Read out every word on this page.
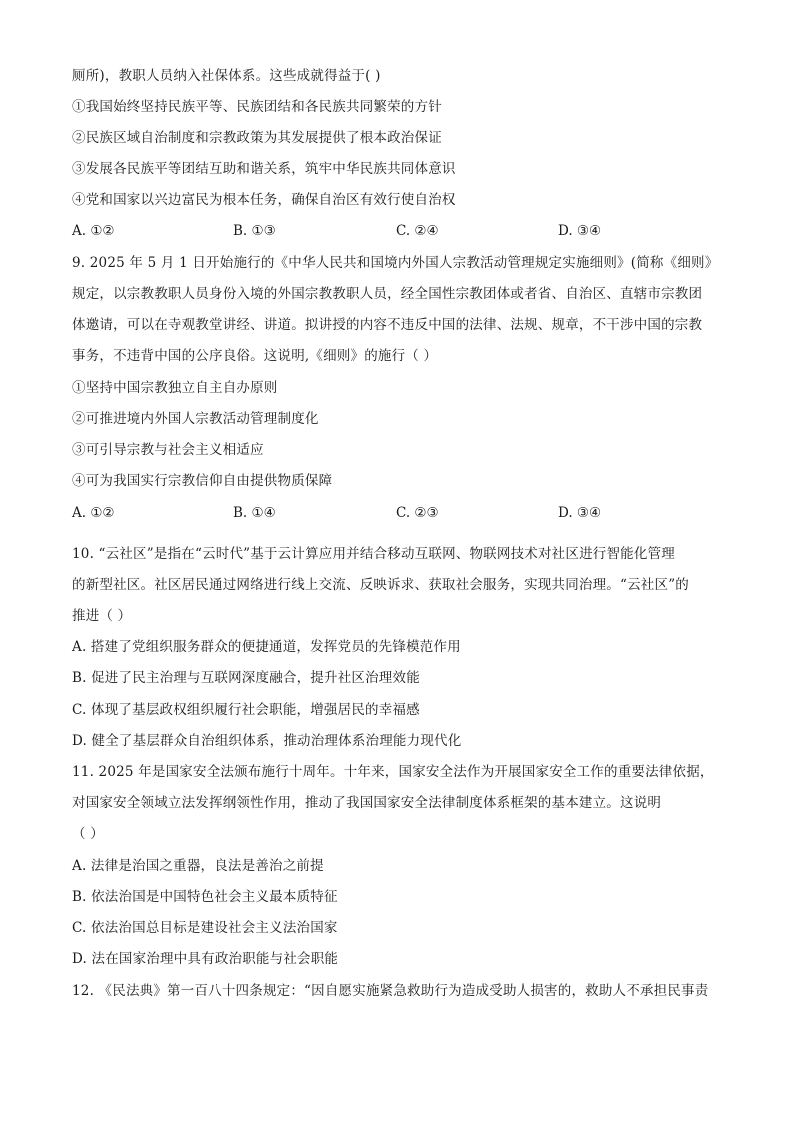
厕所)，教职人员纳入社保体系。这些成就得益于( )
①我国始终坚持民族平等、民族团结和各民族共同繁荣的方针
②民族区域自治制度和宗教政策为其发展提供了根本政治保证
③发展各民族平等团结互助和谐关系，筑牢中华民族共同体意识
④党和国家以兴边富民为根本任务，确保自治区有效行使自治权
A. ①②	B. ①③	C. ②④	D. ③④
9. 2025 年 5 月 1 日开始施行的《中华人民共和国境内外国人宗教活动管理规定实施细则》(简称《细则》
规定，以宗教教职人员身份入境的外国宗教教职人员，经全国性宗教团体或者省、自治区、直辖市宗教团
体邀请，可以在寺观教堂讲经、讲道。拟讲授的内容不违反中国的法律、法规、规章，不干涉中国的宗教
事务，不违背中国的公序良俗。这说明,《细则》的施行（ ）
①坚持中国宗教独立自主自办原则
②可推进境内外国人宗教活动管理制度化
③可引导宗教与社会主义相适应
④可为我国实行宗教信仰自由提供物质保障
A. ①②	B. ①④	C. ②③	D. ③④
10. “云社区”是指在“云时代”基于云计算应用并结合移动互联网、物联网技术对社区进行智能化管理
的新型社区。社区居民通过网络进行线上交流、反映诉求、获取社会服务，实现共同治理。“云社区”的
推进（ ）
A. 搭建了党组织服务群众的便捷通道，发挥党员的先锋模范作用
B. 促进了民主治理与互联网深度融合，提升社区治理效能
C. 体现了基层政权组织履行社会职能，增强居民的幸福感
D. 健全了基层群众自治组织体系，推动治理体系治理能力现代化
11. 2025 年是国家安全法颁布施行十周年。十年来，国家安全法作为开展国家安全工作的重要法律依据，
对国家安全领域立法发挥纲领性作用，推动了我国国家安全法律制度体系框架的基本建立。这说明
（ ）
A. 法律是治国之重器，良法是善治之前提
B. 依法治国是中国特色社会主义最本质特征
C. 依法治国总目标是建设社会主义法治国家
D. 法在国家治理中具有政治职能与社会职能
12. 《民法典》第一百八十四条规定：“因自愿实施紧急救助行为造成受助人损害的，救助人不承担民事责
